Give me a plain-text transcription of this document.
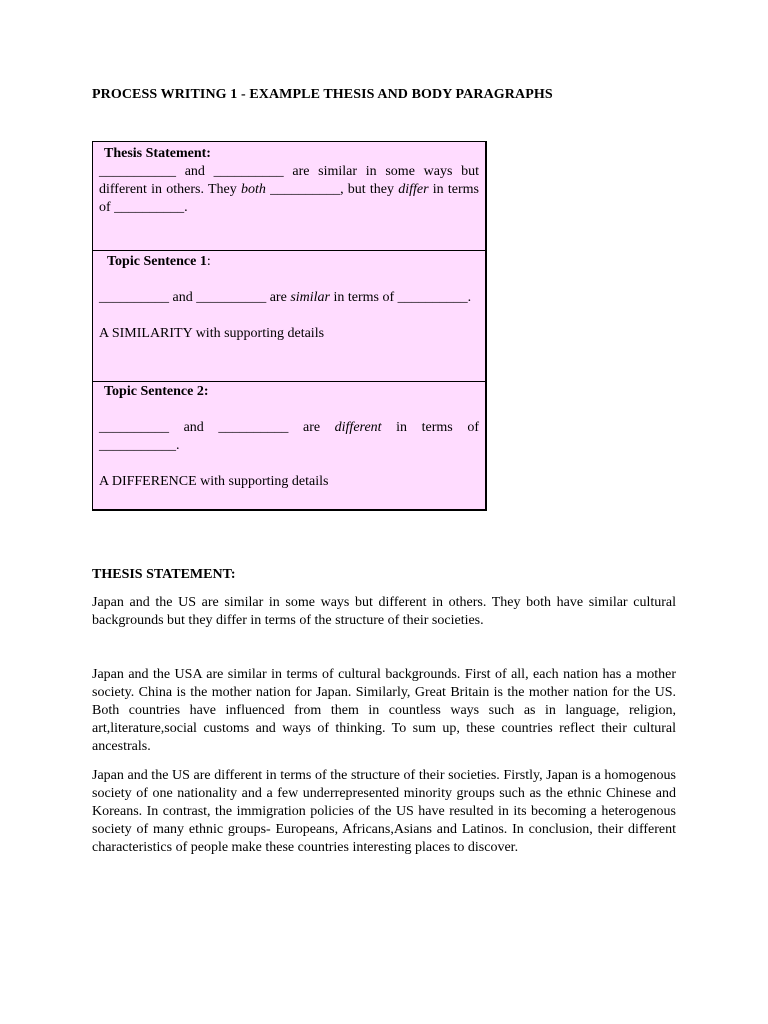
PROCESS WRITING 1 - EXAMPLE THESIS AND BODY PARAGRAPHS
Thesis Statement:
___________ and __________ are similar in some ways but different in others. They both __________, but they differ in terms of __________.
Topic Sentence 1:
__________ and __________ are similar in terms of __________.
A SIMILARITY with supporting details
Topic Sentence 2:
__________ and __________ are different in terms of ___________.
A DIFFERENCE with supporting details
THESIS STATEMENT:
Japan and the US are similar in some ways but different in others. They both have similar cultural backgrounds but they differ in terms of the structure of their societies.
Japan and the USA are similar in terms of cultural backgrounds. First of all, each nation has a mother society. China is the mother nation for Japan. Similarly, Great Britain is the mother nation for the US. Both countries have influenced from them in countless ways such as in language, religion, art,literature,social customs and ways of thinking. To sum up, these countries reflect their cultural ancestrals.
Japan and the US are different in terms of the structure of their societies. Firstly, Japan is a homogenous society of one nationality and a few underrepresented minority groups such as the ethnic Chinese and Koreans. In contrast, the immigration policies of the US have resulted in its becoming a heterogenous society of many ethnic groups- Europeans, Africans,Asians and Latinos. In conclusion, their different characteristics of people make these countries interesting places to discover.
